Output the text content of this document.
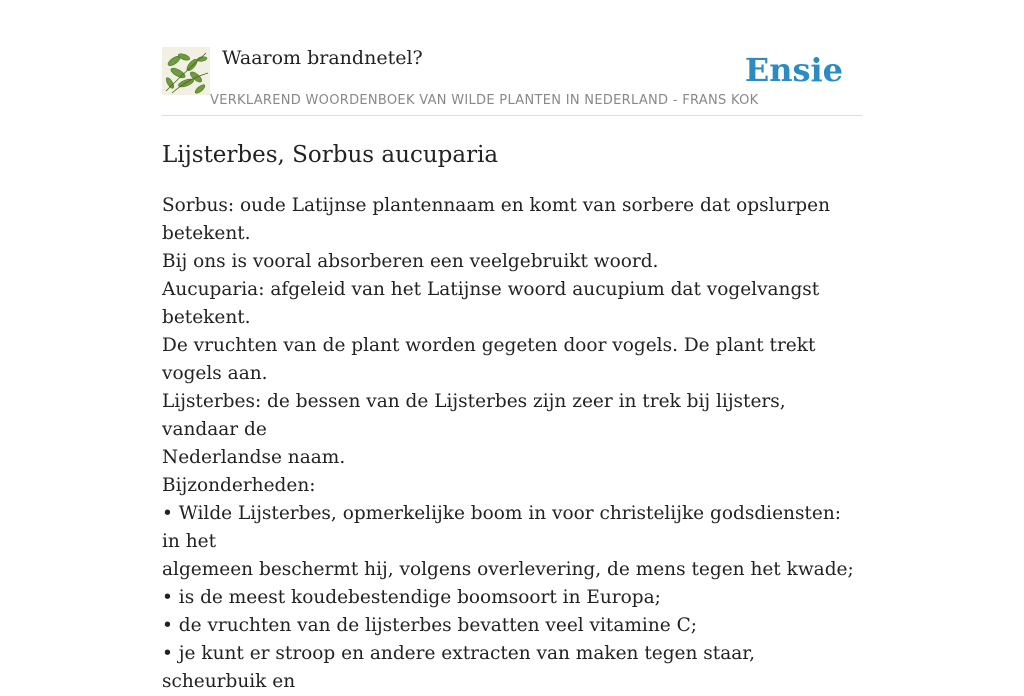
Waarom brandnetel?	Ensie
VERKLAREND WOORDENBOEK VAN WILDE PLANTEN IN NEDERLAND - FRANS KOK
Lijsterbes, Sorbus aucuparia

Sorbus: oude Latijnse plantennaam en komt van sorbere dat opslurpen betekent.

Bij ons is vooral absorberen een veelgebruikt woord.

Aucuparia: afgeleid van het Latijnse woord aucupium dat vogelvangst betekent.

De vruchten van de plant worden gegeten door vogels. De plant trekt vogels aan.

Lijsterbes: de bessen van de Lijsterbes zijn zeer in trek bij lijsters, vandaar de

Nederlandse naam.

Bijzonderheden:

• Wilde Lijsterbes, opmerkelijke boom in voor christelijke godsdiensten: in het

algemeen beschermt hij, volgens overlevering, de mens tegen het kwade;

• is de meest koudebestendige boomsoort in Europa;

• de vruchten van de lijsterbes bevatten veel vitamine C;

• je kunt er stroop en andere extracten van maken tegen staar, scheurbuik en
